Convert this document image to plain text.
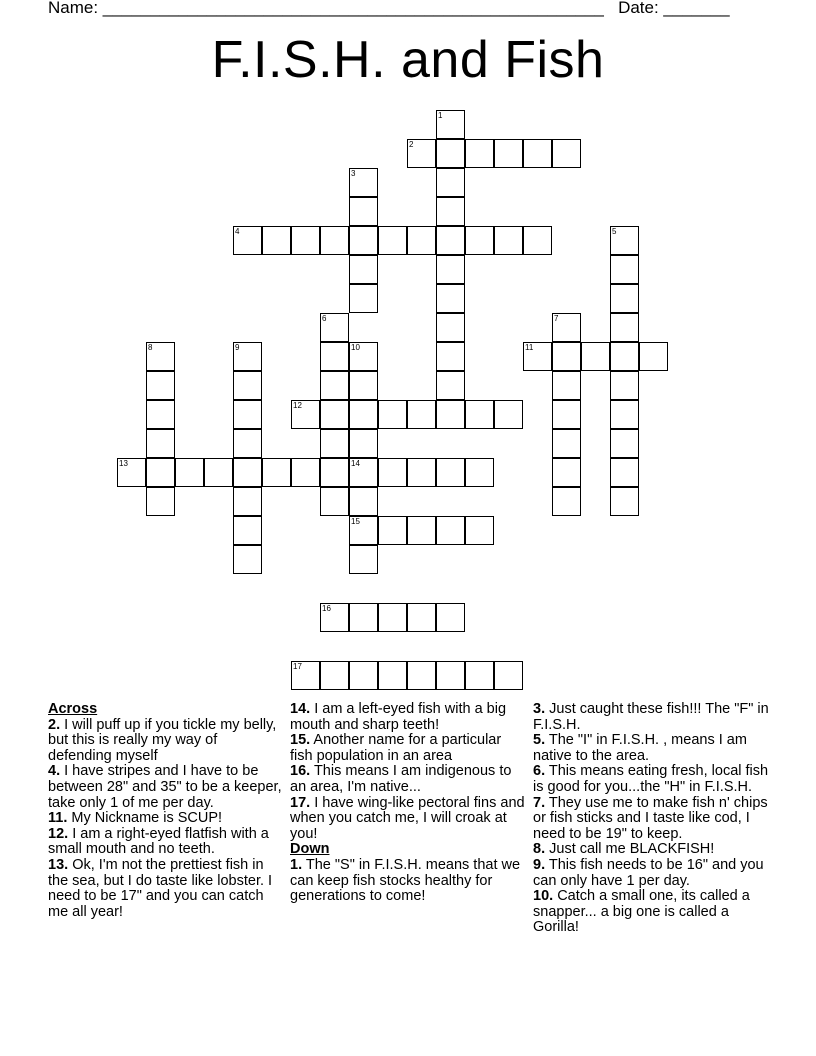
Name: _____________________________________________________ Date: _______
F.I.S.H. and Fish
1
2
3
4	5
6	7
8	9	10	11
12
13	14
15
16
17
Across
2. I will puff up if you tickle my belly, but this is really my way of defending myself
4. I have stripes and I have to be between 28" and 35" to be a keeper, take only 1 of me per day.
11. My Nickname is SCUP!
12. I am a right-eyed flatfish with a small mouth and no teeth.
13. Ok, I'm not the prettiest fish in the sea, but I do taste like lobster. I need to be 17" and you can catch me all year!
14. I am a left-eyed fish with a big mouth and sharp teeth!
15. Another name for a particular fish population in an area
16. This means I am indigenous to an area, I'm native...
17. I have wing-like pectoral fins and when you catch me, I will croak at you!
Down
1. The "S" in F.I.S.H. means that we can keep fish stocks healthy for generations to come!
3. Just caught these fish!!! The "F" in F.I.S.H.
5. The "I" in F.I.S.H. , means I am native to the area.
6. This means eating fresh, local fish is good for you...the "H" in F.I.S.H.
7. They use me to make fish n' chips or fish sticks and I taste like cod, I need to be 19" to keep.
8. Just call me BLACKFISH!
9. This fish needs to be 16" and you can only have 1 per day.
10. Catch a small one, its called a snapper... a big one is called a Gorilla!
